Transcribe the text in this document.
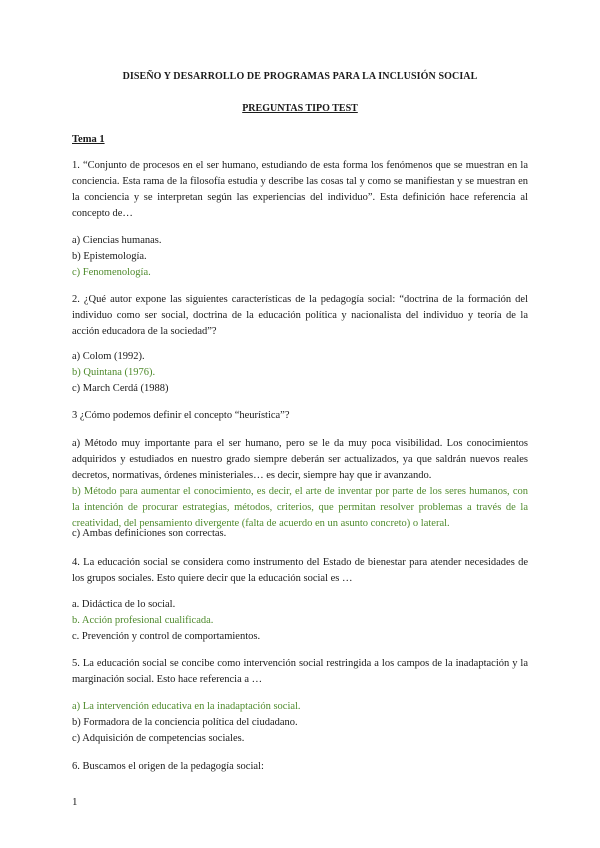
DISEÑO Y DESARROLLO DE PROGRAMAS PARA LA INCLUSIÓN SOCIAL
PREGUNTAS TIPO TEST
Tema 1
1. “Conjunto de procesos en el ser humano, estudiando de esta forma los fenómenos que se muestran en la conciencia. Esta rama de la filosofía estudia y describe las cosas tal y como se manifiestan y se muestran en la conciencia y se interpretan según las experiencias del individuo”. Esta definición hace referencia al concepto de…
a) Ciencias humanas.
b) Epistemología.
c) Fenomenología.
2. ¿Qué autor expone las siguientes características de la pedagogía social: “doctrina de la formación del individuo como ser social, doctrina de la educación política y nacionalista del individuo y teoría de la acción educadora de la sociedad”?
a) Colom (1992).
b) Quintana (1976).
c) March Cerdá (1988)
3 ¿Cómo podemos definir el concepto “heurística”?
a) Método muy importante para el ser humano, pero se le da muy poca visibilidad. Los conocimientos adquiridos y estudiados en nuestro grado siempre deberán ser actualizados, ya que saldrán nuevos reales decretos, normativas, órdenes ministeriales… es decir, siempre hay que ir avanzando.
b) Método para aumentar el conocimiento, es decir, el arte de inventar por parte de los seres humanos, con la intención de procurar estrategias, métodos, criterios, que permitan resolver problemas a través de la creatividad, del pensamiento divergente (falta de acuerdo en un asunto concreto) o lateral.
c) Ambas definiciones son correctas.
4. La educación social se considera como instrumento del Estado de bienestar para atender necesidades de los grupos sociales. Esto quiere decir que la educación social es …
a. Didáctica de lo social.
b. Acción profesional cualificada.
c. Prevención y control de comportamientos.
5. La educación social se concibe como intervención social restringida a los campos de la inadaptación y la marginación social. Esto hace referencia a …
a) La intervención educativa en la inadaptación social.
b) Formadora de la conciencia política del ciudadano.
c) Adquisición de competencias sociales.
6. Buscamos el origen de la pedagogía social:
1
